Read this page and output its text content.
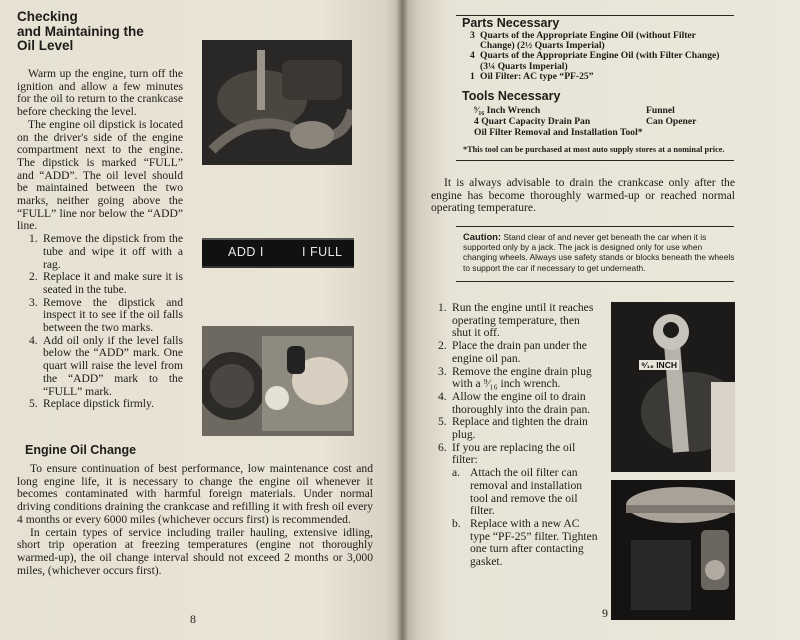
Checking
and Maintaining the
Oil Level

Warm up the engine, turn off the ignition and allow a few minutes for the oil to return to the crankcase before checking the level.

The engine oil dipstick is located on the driver's side of the engine compartment next to the engine. The dipstick is marked “FULL” and “ADD”. The oil level should be maintained between the two marks, neither going above the “FULL” line nor below the “ADD” line.

1. Remove the dipstick from the tube and wipe it off with a rag.
2. Replace it and make sure it is seated in the tube.
3. Remove the dipstick and inspect it to see if the oil falls between the two marks.
4. Add oil only if the level falls below the “ADD” mark. One quart will raise the level from the “ADD” mark to the “FULL” mark.
5. Replace dipstick firmly.
ADD I	I FULL
Engine Oil Change

To ensure continuation of best performance, low maintenance cost and long engine life, it is necessary to change the engine oil whenever it becomes contaminated with harmful foreign materials. Under normal driving conditions draining the crankcase and refilling it with fresh oil every 4 months or every 6000 miles (whichever occurs first) is recommended.

In certain types of service including trailer hauling, extensive idling, short trip operation at freezing temperatures (engine not thoroughly warmed-up), the oil change interval should not exceed 2 months or 3,000 miles, (whichever occurs first).

8
Parts Necessary
3 Quarts of the Appropriate Engine Oil (without Filter Change) (2½ Quarts Imperial)
4 Quarts of the Appropriate Engine Oil (with Filter Change) (3¼ Quarts Imperial)
1 Oil Filter: AC type “PF-25”
Tools Necessary
⁹⁄₁₆ Inch Wrench	Funnel
4 Quart Capacity Drain Pan	Can Opener
Oil Filter Removal and Installation Tool*
*This tool can be purchased at most auto supply stores at a nominal price.

It is always advisable to drain the crankcase only after the engine has become thoroughly warmed-up or reached normal operating temperature.

Caution: Stand clear of and never get beneath the car when it is supported only by a jack. The jack is designed only for use when changing wheels. Always use safety stands or blocks beneath the wheels to support the car if necessary to get underneath.
1. Run the engine until it reaches operating temperature, then shut it off.
2. Place the drain pan under the engine oil pan.
3. Remove the engine drain plug with a ⁹⁄₁₆ inch wrench.
4. Allow the engine oil to drain thoroughly into the drain pan.
5. Replace and tighten the drain plug.
6. If you are replacing the oil filter:
a. Attach the oil filter can removal and installation tool and remove the oil filter.
b. Replace with a new AC type “PF-25” filter. Tighten one turn after contacting gasket.
⁹⁄₁₆ INCH
9
